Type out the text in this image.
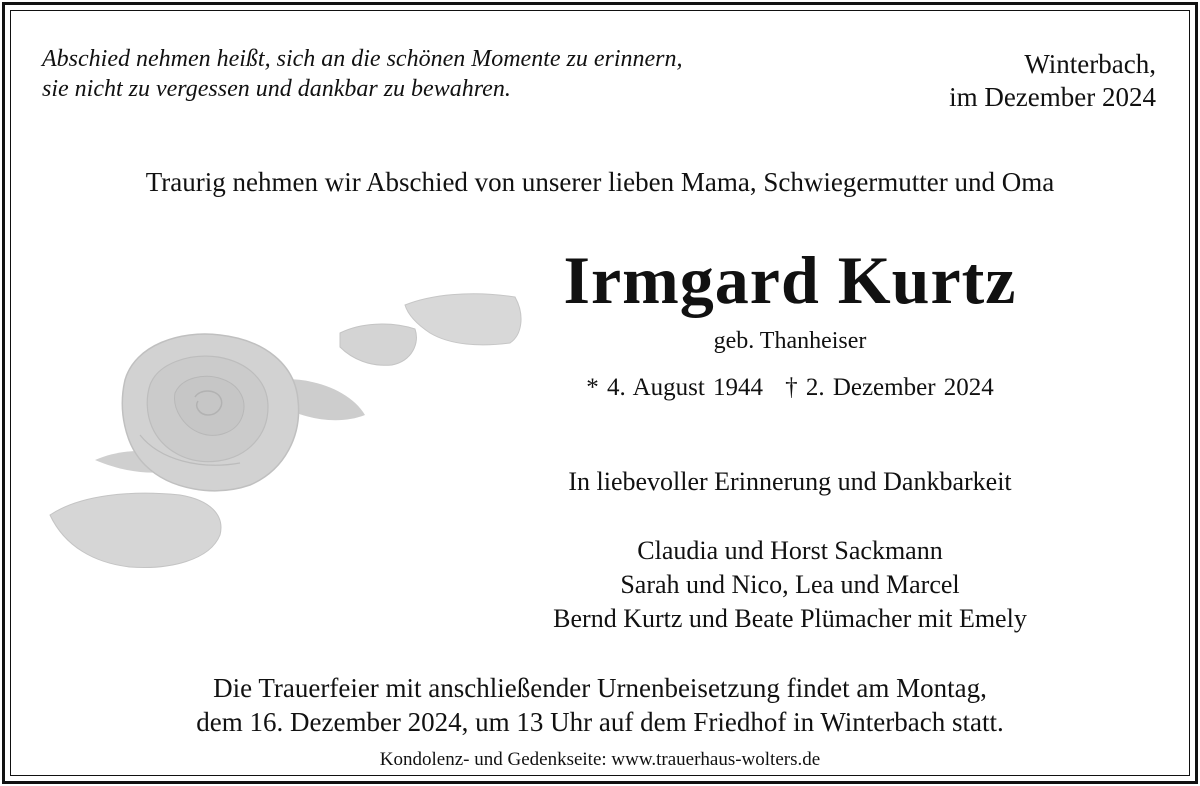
Abschied nehmen heißt, sich an die schönen Momente zu erinnern,
sie nicht zu vergessen und dankbar zu bewahren.
Winterbach,
im Dezember 2024
Traurig nehmen wir Abschied von unserer lieben Mama, Schwiegermutter und Oma
Irmgard Kurtz
geb. Thanheiser
* 4. August 1944 † 2. Dezember 2024
In liebevoller Erinnerung und Dankbarkeit
Claudia und Horst Sackmann
Sarah und Nico, Lea und Marcel
Bernd Kurtz und Beate Plümacher mit Emely
Die Trauerfeier mit anschließender Urnenbeisetzung findet am Montag,
dem 16. Dezember 2024, um 13 Uhr auf dem Friedhof in Winterbach statt.
Kondolenz- und Gedenkseite: www.trauerhaus-wolters.de
